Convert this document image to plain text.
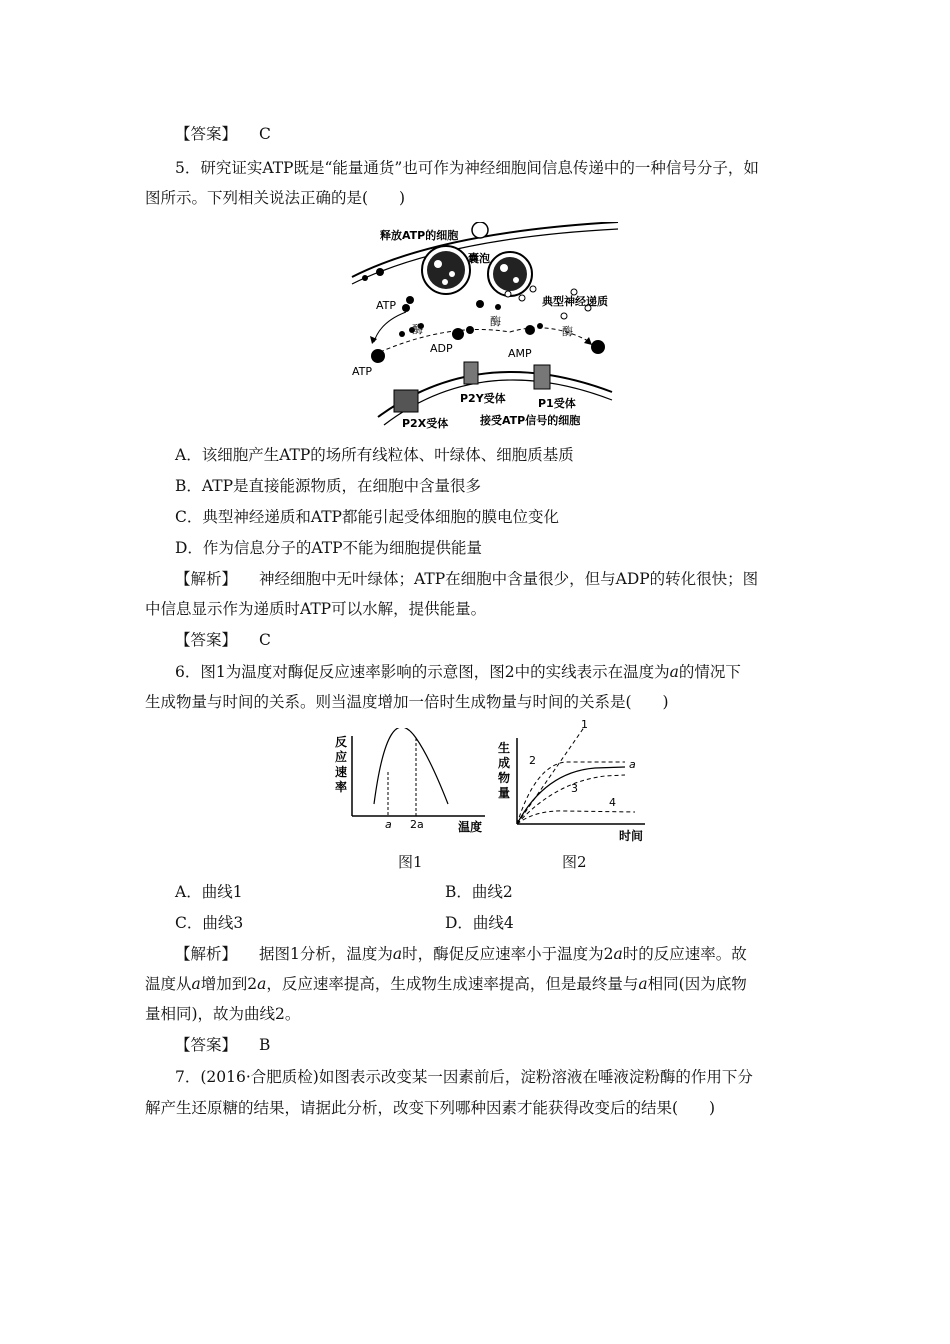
【答案】 C
5．研究证实ATP既是“能量通货”也可作为神经细胞间信息传递中的一种信号分子，如
图所示。下列相关说法正确的是(　　)
释放ATP的细胞
囊泡
ATP	典型神经递质
酶
ADP
酶
AMP
酶
ATP
P2Y受体	P1受体
P2X受体	接受ATP信号的细胞
A．该细胞产生ATP的场所有线粒体、叶绿体、细胞质基质
B．ATP是直接能源物质，在细胞中含量很多
C．典型神经递质和ATP都能引起受体细胞的膜电位变化
D．作为信息分子的ATP不能为细胞提供能量
【解析】 神经细胞中无叶绿体；ATP在细胞中含量很少，但与ADP的转化很快；图
中信息显示作为递质时ATP可以水解，提供能量。
【答案】 C
6．图1为温度对酶促反应速率影响的示意图，图2中的实线表示在温度为a的情况下
生成物量与时间的关系。则当温度增加一倍时生成物量与时间的关系是(　　)
反
应
速
率
a 2a	温度
生
成
物
量
1
2	a
3
4
时间
图1	图2
A．曲线1	B．曲线2
C．曲线3	D．曲线4
【解析】 据图1分析，温度为a时，酶促反应速率小于温度为2a时的反应速率。故
温度从a增加到2a，反应速率提高，生成物生成速率提高，但是最终量与a相同(因为底物
量相同)，故为曲线2。
【答案】 B
7．(2016·合肥质检)如图表示改变某一因素前后，淀粉溶液在唾液淀粉酶的作用下分
解产生还原糖的结果，请据此分析，改变下列哪种因素才能获得改变后的结果(　　)
